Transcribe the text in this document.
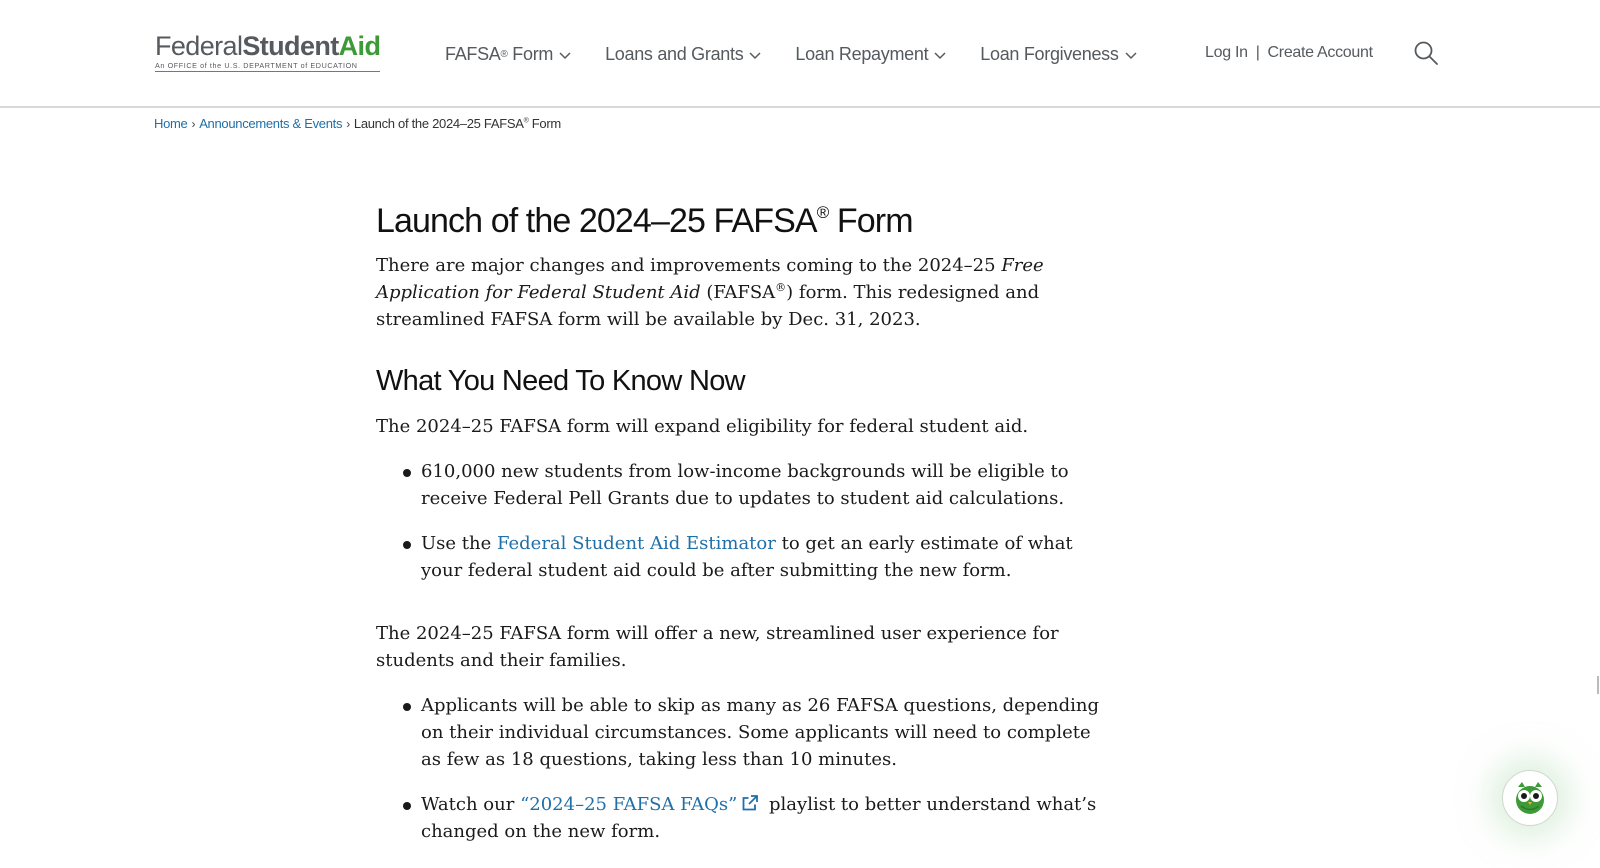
FederalStudentAid
An OFFICE of the U.S. DEPARTMENT of EDUCATION
FAFSA ® Form	Loans and Grants	Loan Repayment	Loan Forgiveness	Log In | Create Account
Home › Announcements & Events › Launch of the 2024–25 FAFSA® Form
Launch of the 2024–25 FAFSA® Form

There are major changes and improvements coming to the 2024–25 Free Application for Federal Student Aid (FAFSA®) form. This redesigned and streamlined FAFSA form will be available by Dec. 31, 2023.

What You Need To Know Now

The 2024–25 FAFSA form will expand eligibility for federal student aid.

610,000 new students from low-income backgrounds will be eligible to receive Federal Pell Grants due to updates to student aid calculations.
Use the Federal Student Aid Estimator to get an early estimate of what your federal student aid could be after submitting the new form.

The 2024–25 FAFSA form will offer a new, streamlined user experience for students and their families.

Applicants will be able to skip as many as 26 FAFSA questions, depending on their individual circumstances. Some applicants will need to complete as few as 18 questions, taking less than 10 minutes.
Watch our “2024–25 FAFSA FAQs” playlist to better understand what’s changed on the new form.
